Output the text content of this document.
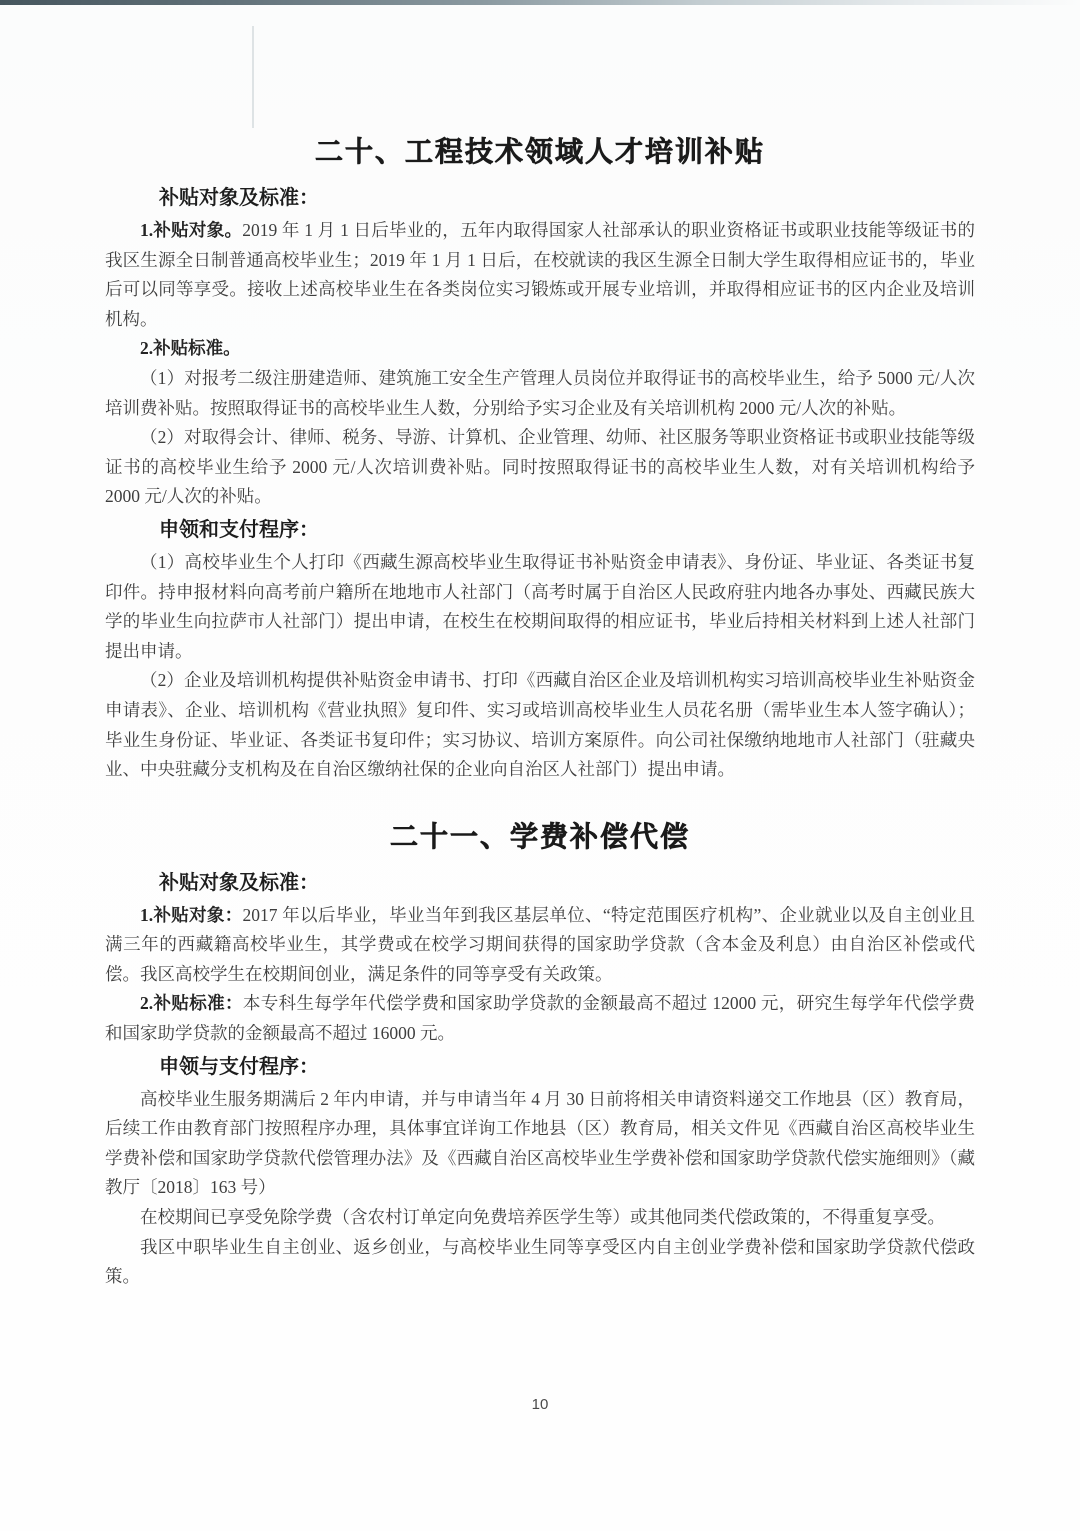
二十、工程技术领域人才培训补贴
补贴对象及标准：

1.补贴对象。2019 年 1 月 1 日后毕业的，五年内取得国家人社部承认的职业资格证书或职业技能等级证书的我区生源全日制普通高校毕业生；2019 年 1 月 1 日后，在校就读的我区生源全日制大学生取得相应证书的，毕业后可以同等享受。接收上述高校毕业生在各类岗位实习锻炼或开展专业培训，并取得相应证书的区内企业及培训机构。

2.补贴标准。

（1）对报考二级注册建造师、建筑施工安全生产管理人员岗位并取得证书的高校毕业生，给予 5000 元/人次培训费补贴。按照取得证书的高校毕业生人数，分别给予实习企业及有关培训机构 2000 元/人次的补贴。

（2）对取得会计、律师、税务、导游、计算机、企业管理、幼师、社区服务等职业资格证书或职业技能等级证书的高校毕业生给予 2000 元/人次培训费补贴。同时按照取得证书的高校毕业生人数，对有关培训机构给予 2000 元/人次的补贴。

申领和支付程序：

（1）高校毕业生个人打印《西藏生源高校毕业生取得证书补贴资金申请表》、身份证、毕业证、各类证书复印件。持申报材料向高考前户籍所在地地市人社部门（高考时属于自治区人民政府驻内地各办事处、西藏民族大学的毕业生向拉萨市人社部门）提出申请，在校生在校期间取得的相应证书，毕业后持相关材料到上述人社部门提出申请。

（2）企业及培训机构提供补贴资金申请书、打印《西藏自治区企业及培训机构实习培训高校毕业生补贴资金申请表》、企业、培训机构《营业执照》复印件、实习或培训高校毕业生人员花名册（需毕业生本人签字确认）；毕业生身份证、毕业证、各类证书复印件；实习协议、培训方案原件。向公司社保缴纳地地市人社部门（驻藏央业、中央驻藏分支机构及在自治区缴纳社保的企业向自治区人社部门）提出申请。

二十一、学费补偿代偿
补贴对象及标准：

1.补贴对象：2017 年以后毕业，毕业当年到我区基层单位、“特定范围医疗机构”、企业就业以及自主创业且满三年的西藏籍高校毕业生，其学费或在校学习期间获得的国家助学贷款（含本金及利息）由自治区补偿或代偿。我区高校学生在校期间创业，满足条件的同等享受有关政策。

2.补贴标准：本专科生每学年代偿学费和国家助学贷款的金额最高不超过 12000 元，研究生每学年代偿学费和国家助学贷款的金额最高不超过 16000 元。

申领与支付程序：

高校毕业生服务期满后 2 年内申请，并与申请当年 4 月 30 日前将相关申请资料递交工作地县（区）教育局，后续工作由教育部门按照程序办理，具体事宜详询工作地县（区）教育局，相关文件见《西藏自治区高校毕业生学费补偿和国家助学贷款代偿管理办法》及《西藏自治区高校毕业生学费补偿和国家助学贷款代偿实施细则》（藏教厅〔2018〕163 号）

在校期间已享受免除学费（含农村订单定向免费培养医学生等）或其他同类代偿政策的，不得重复享受。

我区中职毕业生自主创业、返乡创业，与高校毕业生同等享受区内自主创业学费补偿和国家助学贷款代偿政策。

10
